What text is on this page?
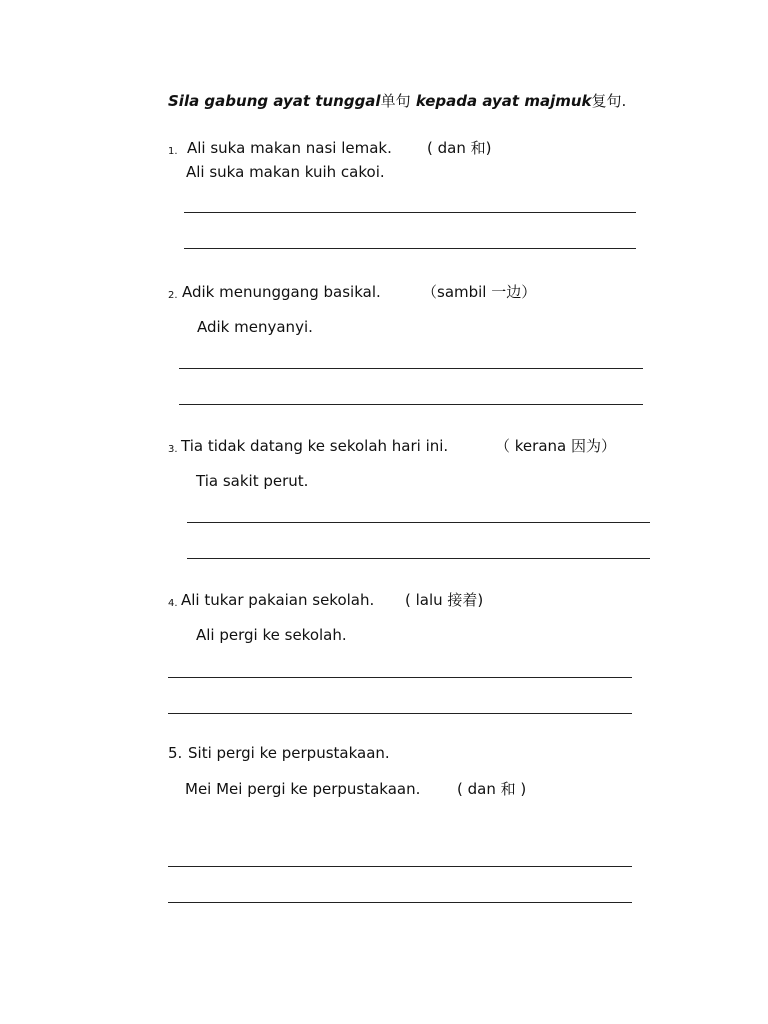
Sila gabung ayat tunggal单句 kepada ayat majmuk复句.
1. Ali suka makan nasi lemak. ( dan 和)
Ali suka makan kuih cakoi.
2. Adik menunggang basikal.	（sambil 一边）
Adik menyanyi.
3. Tia tidak datang ke sekolah hari ini.	（ kerana 因为）
Tia sakit perut.
4. Ali tukar pakaian sekolah. ( lalu 接着)
Ali pergi ke sekolah.
5. Siti pergi ke perpustakaan.
Mei Mei pergi ke perpustakaan. ( dan 和 )
